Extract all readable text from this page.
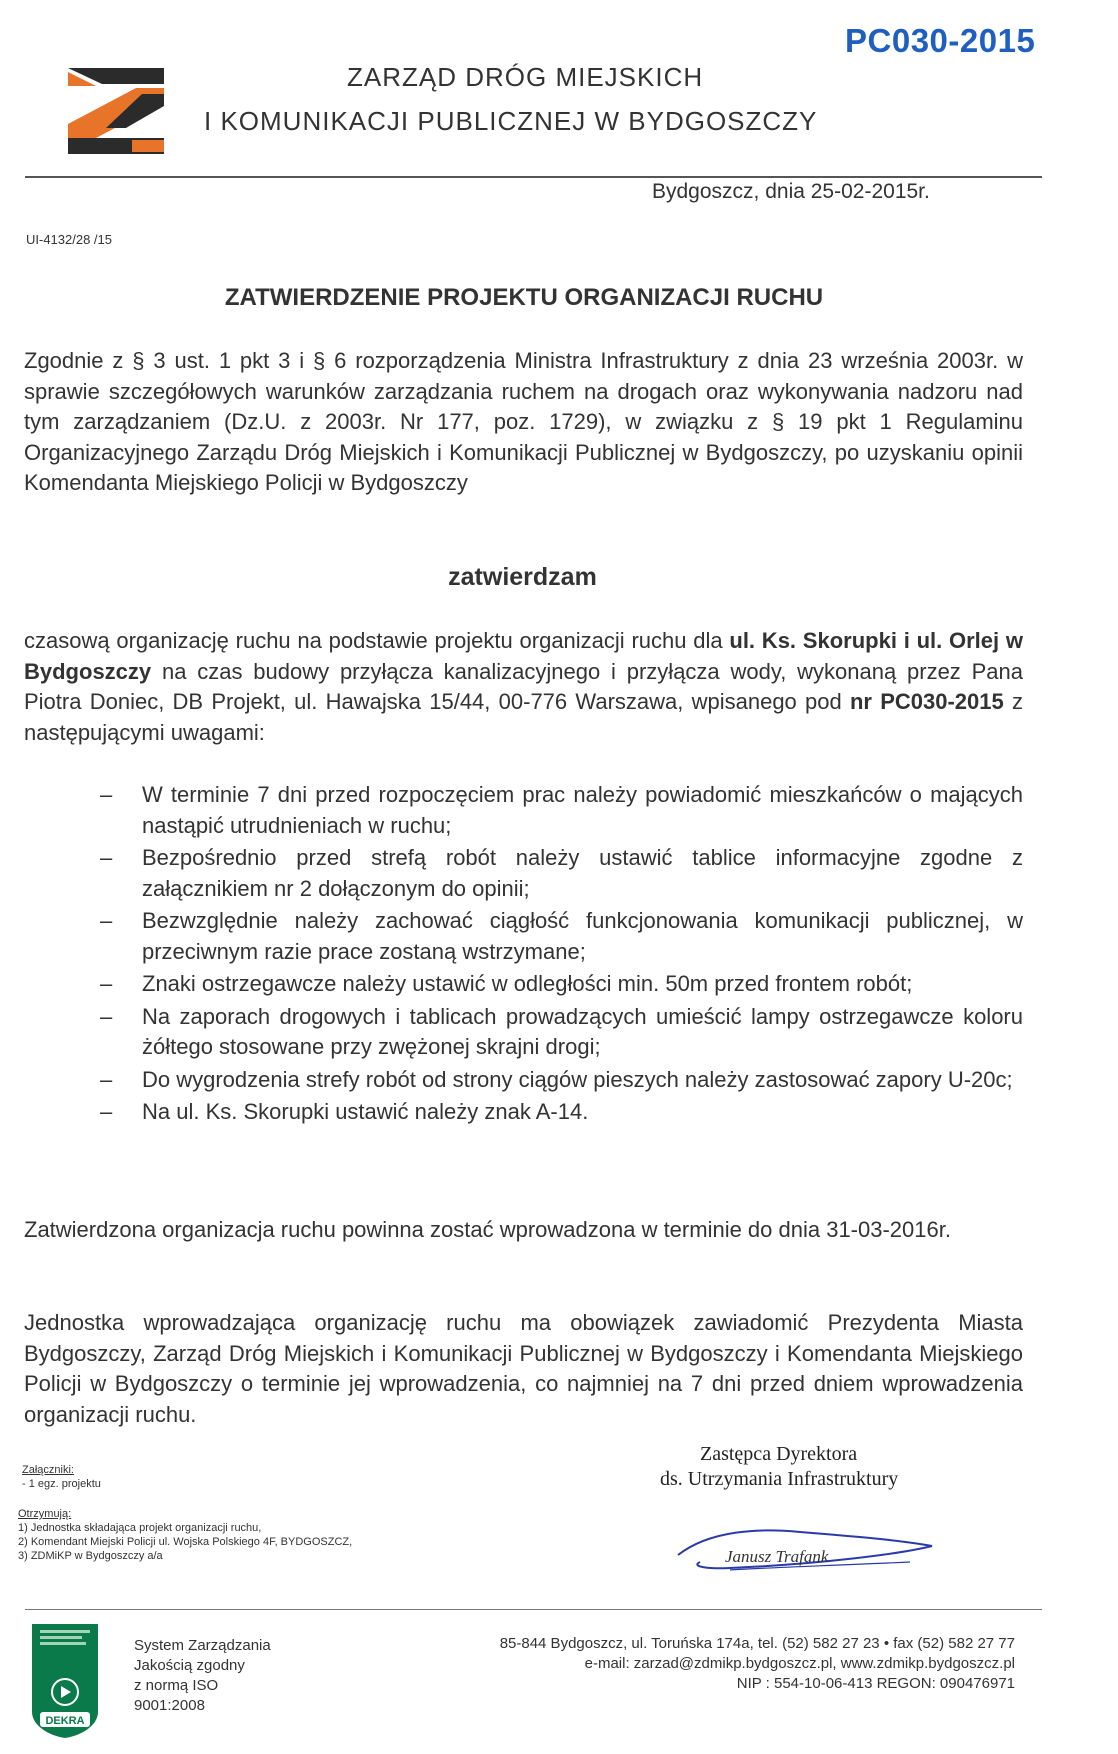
PC030-2015
ZARZĄD DRÓG MIEJSKICH
I KOMUNIKACJI PUBLICZNEJ W BYDGOSZCZY
Bydgoszcz, dnia 25-02-2015r.
UI-4132/28 /15
ZATWIERDZENIE PROJEKTU ORGANIZACJI RUCHU
Zgodnie z § 3 ust. 1 pkt 3 i § 6 rozporządzenia Ministra Infrastruktury z dnia 23 września 2003r. w sprawie szczegółowych warunków zarządzania ruchem na drogach oraz wykonywania nadzoru nad tym zarządzaniem (Dz.U. z 2003r. Nr 177, poz. 1729), w związku z § 19 pkt 1 Regulaminu Organizacyjnego Zarządu Dróg Miejskich i Komunikacji Publicznej w Bydgoszczy, po uzyskaniu opinii Komendanta Miejskiego Policji w Bydgoszczy
zatwierdzam
czasową organizację ruchu na podstawie projektu organizacji ruchu dla ul. Ks. Skorupki i ul. Orlej w Bydgoszczy na czas budowy przyłącza kanalizacyjnego i przyłącza wody, wykonaną przez Pana Piotra Doniec, DB Projekt, ul. Hawajska 15/44, 00-776 Warszawa, wpisanego pod nr PC030-2015 z następującymi uwagami:
– W terminie 7 dni przed rozpoczęciem prac należy powiadomić mieszkańców o mających nastąpić utrudnieniach w ruchu;
– Bezpośrednio przed strefą robót należy ustawić tablice informacyjne zgodne z załącznikiem nr 2 dołączonym do opinii;
– Bezwzględnie należy zachować ciągłość funkcjonowania komunikacji publicznej, w przeciwnym razie prace zostaną wstrzymane;
– Znaki ostrzegawcze należy ustawić w odległości min. 50m przed frontem robót;
– Na zaporach drogowych i tablicach prowadzących umieścić lampy ostrzegawcze koloru żółtego stosowane przy zwężonej skrajni drogi;
– Do wygrodzenia strefy robót od strony ciągów pieszych należy zastosować zapory U-20c;
– Na ul. Ks. Skorupki ustawić należy znak A-14.
Zatwierdzona organizacja ruchu powinna zostać wprowadzona w terminie do dnia 31-03-2016r.
Jednostka wprowadzająca organizację ruchu ma obowiązek zawiadomić Prezydenta Miasta Bydgoszczy, Zarząd Dróg Miejskich i Komunikacji Publicznej w Bydgoszczy i Komendanta Miejskiego Policji w Bydgoszczy o terminie jej wprowadzenia, co najmniej na 7 dni przed dniem wprowadzenia organizacji ruchu.
Zastępca Dyrektora
ds. Utrzymania Infrastruktury
Janusz Trafank
Załączniki:
- 1 egz. projektu
Otrzymują:
1) Jednostka składająca projekt organizacji ruchu,
2) Komendant Miejski Policji ul. Wojska Polskiego 4F, BYDGOSZCZ,
3) ZDMiKP w Bydgoszczy a/a
DEKRA
System Zarządzania
Jakością zgodny
z normą ISO
9001:2008
85-844 Bydgoszcz, ul. Toruńska 174a, tel. (52) 582 27 23 • fax (52) 582 27 77
e-mail: zarzad@zdmikp.bydgoszcz.pl, www.zdmikp.bydgoszcz.pl
NIP : 554-10-06-413 REGON: 090476971
